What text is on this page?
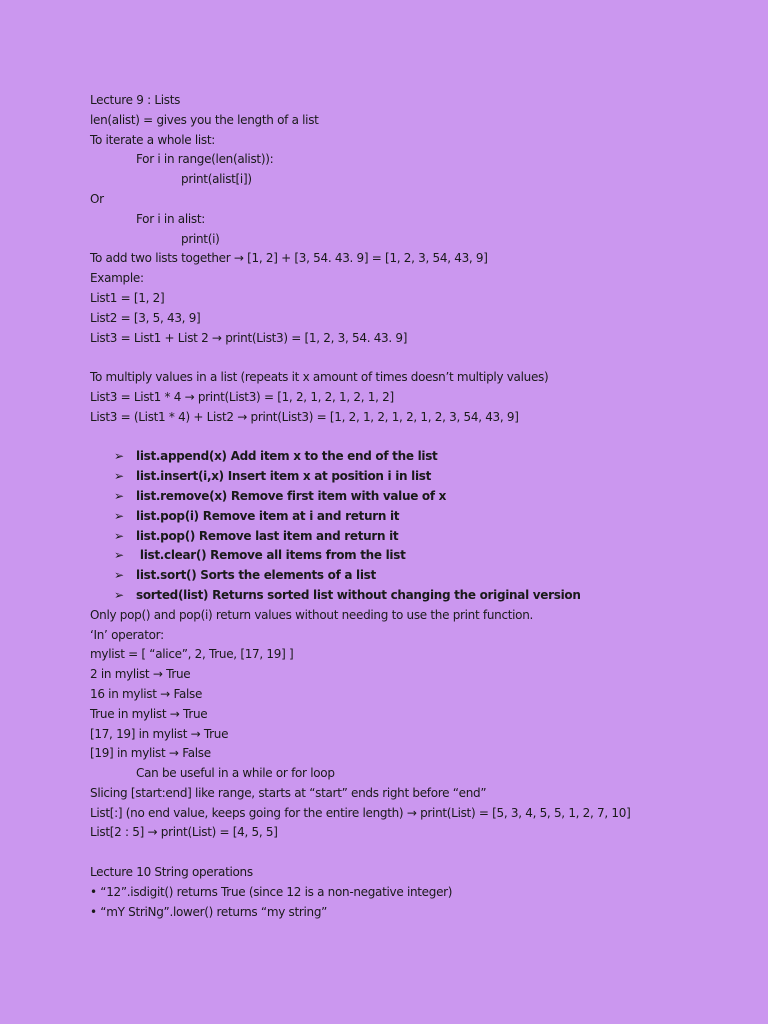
Lecture 9 : Lists
len(alist) = gives you the length of a list
To iterate a whole list:
For i in range(len(alist)):
print(alist[i])
Or
For i in alist:
print(i)
To add two lists together → [1, 2] + [3, 54. 43. 9] = [1, 2, 3, 54, 43, 9]
Example:
List1 = [1, 2]
List2 = [3, 5, 43, 9]
List3 = List1 + List 2 → print(List3) = [1, 2, 3, 54. 43. 9]
To multiply values in a list (repeats it x amount of times doesn’t multiply values)
List3 = List1 * 4 → print(List3) = [1, 2, 1, 2, 1, 2, 1, 2]
List3 = (List1 * 4) + List2 → print(List3) = [1, 2, 1, 2, 1, 2, 1, 2, 3, 54, 43, 9]
➢ list.append(x) Add item x to the end of the list
➢ list.insert(i,x) Insert item x at position i in list
➢ list.remove(x) Remove first item with value of x
➢ list.pop(i) Remove item at i and return it
➢ list.pop() Remove last item and return it
➢ list.clear() Remove all items from the list
➢ list.sort() Sorts the elements of a list
➢ sorted(list) Returns sorted list without changing the original version
Only pop() and pop(i) return values without needing to use the print function.
‘In’ operator:
mylist = [ “alice”, 2, True, [17, 19] ]
2 in mylist → True
16 in mylist → False
True in mylist → True
[17, 19] in mylist → True
[19] in mylist → False
Can be useful in a while or for loop
Slicing [start:end] like range, starts at “start” ends right before “end”
List[:] (no end value, keeps going for the entire length) → print(List) = [5, 3, 4, 5, 5, 1, 2, 7, 10]
List[2 : 5] → print(List) = [4, 5, 5]
Lecture 10 String operations
• “12”.isdigit() returns True (since 12 is a non-negative integer)
• “mY StriNg”.lower() returns “my string”
